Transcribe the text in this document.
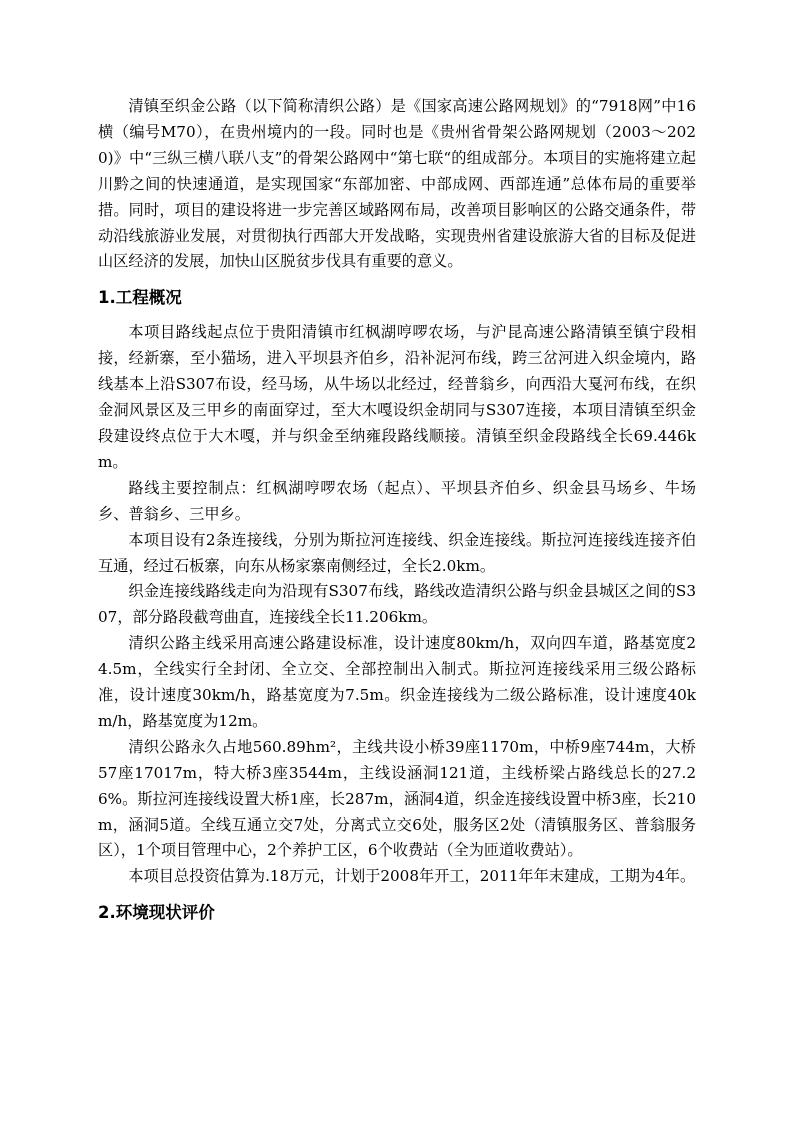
清镇至织金公路（以下简称清织公路）是《国家高速公路网规划》的“7918网”中16横（编号M70），在贵州境内的一段。同时也是《贵州省骨架公路网规划（2003～2020)》中“三纵三横八联八支”的骨架公路网中“第七联“的组成部分。本项目的实施将建立起川黔之间的快速通道，是实现国家“东部加密、中部成网、西部连通”总体布局的重要举措。同时，项目的建设将进一步完善区域路网布局，改善项目影响区的公路交通条件，带动沿线旅游业发展，对贯彻执行西部大开发战略，实现贵州省建设旅游大省的目标及促进山区经济的发展，加快山区脱贫步伐具有重要的意义。

1.工程概况

本项目路线起点位于贵阳清镇市红枫湖哼啰农场，与沪昆高速公路清镇至镇宁段相接，经新寨，至小猫场，进入平坝县齐伯乡，沿补泥河布线，跨三岔河进入织金境内，路线基本上沿S307布设，经马场，从牛场以北经过，经普翁乡，向西沿大戛河布线，在织金洞风景区及三甲乡的南面穿过，至大木嘎设织金胡同与S307连接，本项目清镇至织金段建设终点位于大木嘎，并与织金至纳雍段路线顺接。清镇至织金段路线全长69.446km。

路线主要控制点：红枫湖哼啰农场（起点）、平坝县齐伯乡、织金县马场乡、牛场乡、普翁乡、三甲乡。

本项目设有2条连接线，分别为斯拉河连接线、织金连接线。斯拉河连接线连接齐伯互通，经过石板寨，向东从杨家寨南侧经过，全长2.0km。

织金连接线路线走向为沿现有S307布线，路线改造清织公路与织金县城区之间的S307，部分路段截弯曲直，连接线全长11.206km。

清织公路主线采用高速公路建设标准，设计速度80km/h，双向四车道，路基宽度24.5m，全线实行全封闭、全立交、全部控制出入制式。斯拉河连接线采用三级公路标准，设计速度30km/h，路基宽度为7.5m。织金连接线为二级公路标准，设计速度40km/h，路基宽度为12m。

清织公路永久占地560.89hm²，主线共设小桥39座1170m，中桥9座744m，大桥57座17017m，特大桥3座3544m，主线设涵洞121道，主线桥梁占路线总长的27.26%。斯拉河连接线设置大桥1座，长287m，涵洞4道，织金连接线设置中桥3座，长210m，涵洞5道。全线互通立交7处，分离式立交6处，服务区2处（清镇服务区、普翁服务区），1个项目管理中心，2个养护工区，6个收费站（全为匝道收费站）。

本项目总投资估算为.18万元，计划于2008年开工，2011年年末建成，工期为4年。

2.环境现状评价
